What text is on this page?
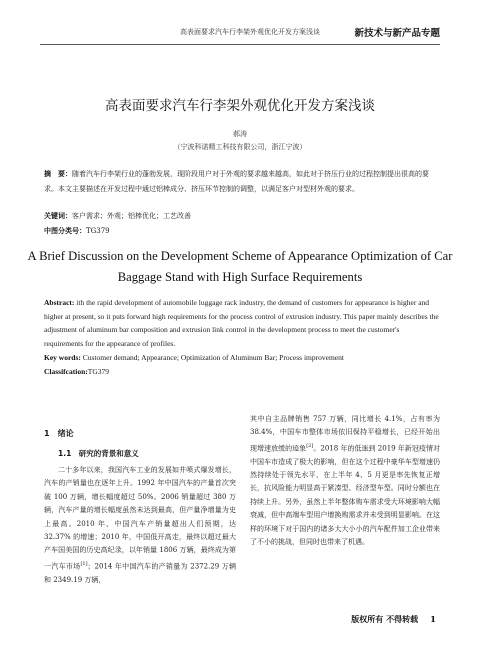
高表面要求汽车行李架外观优化开发方案浅谈	新技术与新产品专题
高表面要求汽车行李架外观优化开发方案浅谈
郝涛
（宁波科诺精工科技有限公司，浙江宁波）
摘　要：随着汽车行李架行业的蓬勃发展，现阶段用户对于外观的要求越来越高，如此对于挤压行业的过程控制提出很高的要求。本文主要描述在开发过程中通过铝棒成分、挤压环节控制的调整，以满足客户对型材外观的要求。
关键词：客户需求；外观；铝棒优化；工艺改善
中图分类号：TG379
A Brief Discussion on the Development Scheme of Appearance Optimization of Car
Baggage Stand with High Surface Requirements
Abstract: ith the rapid development of automobile luggage rack industry, the demand of customers for appearance is higher and higher at present, so it puts forward high requirements for the process control of extrusion industry. This paper mainly describes the adjustment of aluminum bar composition and extrusion link control in the development process to meet the customer's requirements for the appearance of profiles.
Key words: Customer demand; Appearance; Optimization of Aluminum Bar; Process improvement
Classifcation:TG379
1　绪论
1.1　研究的背景和意义

二十多年以来，我国汽车工业的发展如井喷式爆发增长，汽车的产销量也在逐年上升。1992 年中国汽车的产量首次突破 100 万辆，增长幅度超过 50%。2006 销量超过 380 万辆，汽车产量的增长幅度虽然未达到最高，但产量净增量为史上最高。2010 年、中国汽车产销量超出人们预期，达 32.37% 的增速；2010 年，中国低开高走，最终以超过最大产车国美国的历史高纪录，以年销量 1806 万辆，最终成为第一汽车市场[1]；2014 年中国汽车的产销量为 2372.29 万辆和 2349.19 万辆，

其中自主品牌销售 757 万辆，同比增长 4.1%，占有率为 38.4%，中国车市整体市场依旧保持平稳增长，已经开始出现增速放缓的迹象[2]。2018 年的低迷到 2019 年新冠疫情对中国车市造成了极大的影响，但在这个过程中豪华车型增速仍然持续处于领先水平，在上半年 4、5 月更是率先恢复正增长，抗风险能力明显高于紧凑型、经济型车型。同时分额也在持续上升。另外，虽然上半年整体购车需求受大环境影响大幅衰减，但中高端车型用户增换购需求并未受到明显影响。在这样的环境下对于国内的诸多大大小小的汽车配件加工企业带来了不小的挑战，但同时也带来了机遇。

版权所有 不得转载 1
